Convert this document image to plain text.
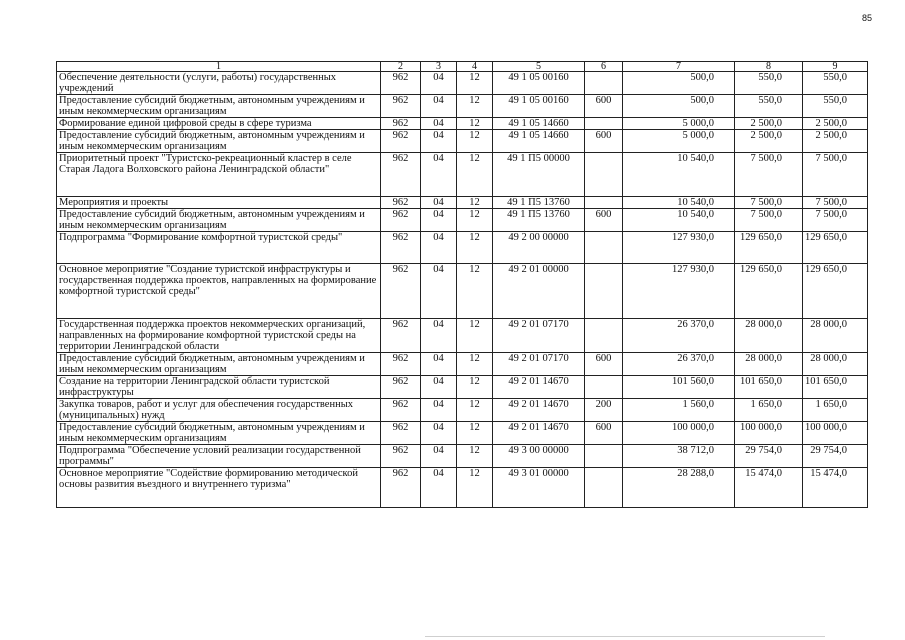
85
1	2	3	4	5	6	7	8	9
Обеспечение деятельности (услуги, работы) государственных учреждений	962	04	12	49 1 05 00160		500,0	550,0	550,0
Предоставление субсидий бюджетным, автономным учреждениям и иным некоммерческим организациям	962	04	12	49 1 05 00160	600	500,0	550,0	550,0
Формирование единой цифровой среды в сфере туризма	962	04	12	49 1 05 14660		5 000,0	2 500,0	2 500,0
Предоставление субсидий бюджетным, автономным учреждениям и иным некоммерческим организациям	962	04	12	49 1 05 14660	600	5 000,0	2 500,0	2 500,0
Приоритетный проект "Туристско-рекреационный кластер в селе Старая Ладога Волховского района Ленинградской области"	962	04	12	49 1 П5 00000		10 540,0	7 500,0	7 500,0
Мероприятия и проекты	962	04	12	49 1 П5 13760		10 540,0	7 500,0	7 500,0
Предоставление субсидий бюджетным, автономным учреждениям и иным некоммерческим организациям	962	04	12	49 1 П5 13760	600	10 540,0	7 500,0	7 500,0
Подпрограмма "Формирование комфортной туристской среды"	962	04	12	49 2 00 00000		127 930,0	129 650,0	129 650,0
Основное мероприятие "Создание туристской инфраструктуры и государственная поддержка проектов, направленных на формирование комфортной туристской среды"	962	04	12	49 2 01 00000		127 930,0	129 650,0	129 650,0
Государственная поддержка проектов некоммерческих организаций, направленных на формирование комфортной туристской среды на территории Ленинградской области	962	04	12	49 2 01 07170		26 370,0	28 000,0	28 000,0
Предоставление субсидий бюджетным, автономным учреждениям и иным некоммерческим организациям	962	04	12	49 2 01 07170	600	26 370,0	28 000,0	28 000,0
Создание на территории Ленинградской области туристской инфраструктуры	962	04	12	49 2 01 14670		101 560,0	101 650,0	101 650,0
Закупка товаров, работ и услуг для обеспечения государственных (муниципальных) нужд	962	04	12	49 2 01 14670	200	1 560,0	1 650,0	1 650,0
Предоставление субсидий бюджетным, автономным учреждениям и иным некоммерческим организациям	962	04	12	49 2 01 14670	600	100 000,0	100 000,0	100 000,0
Подпрограмма "Обеспечение условий реализации государственной программы"	962	04	12	49 3 00 00000		38 712,0	29 754,0	29 754,0
Основное мероприятие "Содействие формированию методической основы развития въездного и внутреннего туризма"	962	04	12	49 3 01 00000		28 288,0	15 474,0	15 474,0
